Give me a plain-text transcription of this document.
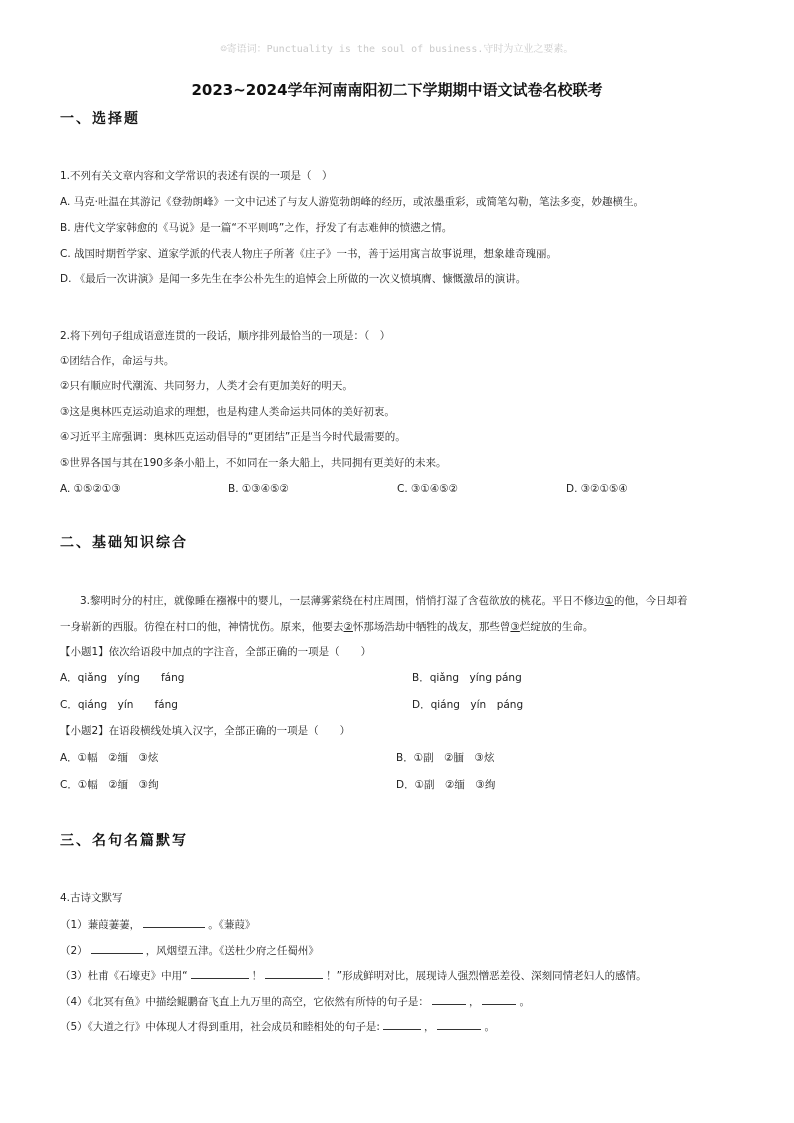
☺寄语词：Punctuality is the soul of business.守时为立业之要素。
2023~2024学年河南南阳初二下学期期中语文试卷名校联考
一、选择题
1.不列有关文章内容和文学常识的表述有误的一项是（　）
A. 马克·吐温在其游记《登勃朗峰》一文中记述了与友人游览勃朗峰的经历，或浓墨重彩，或简笔勾勒，笔法多变，妙趣横生。
B. 唐代文学家韩愈的《马说》是一篇“不平则鸣”之作，抒发了有志难伸的愤懑之情。
C. 战国时期哲学家、道家学派的代表人物庄子所著《庄子》一书，善于运用寓言故事说理，想象雄奇瑰丽。
D. 《最后一次讲演》是闻一多先生在李公朴先生的追悼会上所做的一次义愤填膺、慷慨激昂的演讲。
2.将下列句子组成语意连贯的一段话，顺序排列最恰当的一项是：（　）
①团结合作，命运与共。
②只有顺应时代潮流、共同努力，人类才会有更加美好的明天。
③这是奥林匹克运动追求的理想，也是构建人类命运共同体的美好初衷。
④习近平主席强调：奥林匹克运动倡导的“更团结”正是当今时代最需要的。
⑤世界各国与其在190多条小船上，不如同在一条大船上，共同拥有更美好的未来。
A. ①⑤②①③	B. ①③④⑤②	C. ③①④⑤②	D. ③②①⑤④
二、基础知识综合
3.黎明时分的村庄，就像睡在襁褓中的婴儿，一层薄雾萦绕在村庄周围，悄悄打湿了含苞欲放的桃花。平日不修边①的他，今日却着
一身崭新的西服。彷徨在村口的他，神情忧伤。原来，他要去②怀那场浩劫中牺牲的战友，那些曾③烂绽放的生命。
【小题1】依次给语段中加点的字注音，全部正确的一项是（　　）
A．qiǎng　yíng　　fáng	B．qiǎng　yíng páng
C．qiáng　yín　　fáng	D．qiáng　yín　páng
【小题2】在语段横线处填入汉字，全部正确的一项是（　　）
A．①幅　②缅　③炫	B．①副　②腼　③炫
C．①幅　②缅　③绚	D．①副　②缅　③绚
三、名句名篇默写
4.古诗文默写
（1）蒹葭萋萋，	。《蒹葭》
（2）	，风烟望五津。《送杜少府之任蜀州》
（3）杜甫《石壕吏》中用“	！	！”形成鲜明对比，展现诗人强烈憎恶差役、深刻同情老妇人的感情。
（4）《北冥有鱼》中描绘鲲鹏奋飞直上九万里的高空，它依然有所恃的句子是：	，	。
（5）《大道之行》中体现人才得到重用，社会成员和睦相处的句子是:	，	。
